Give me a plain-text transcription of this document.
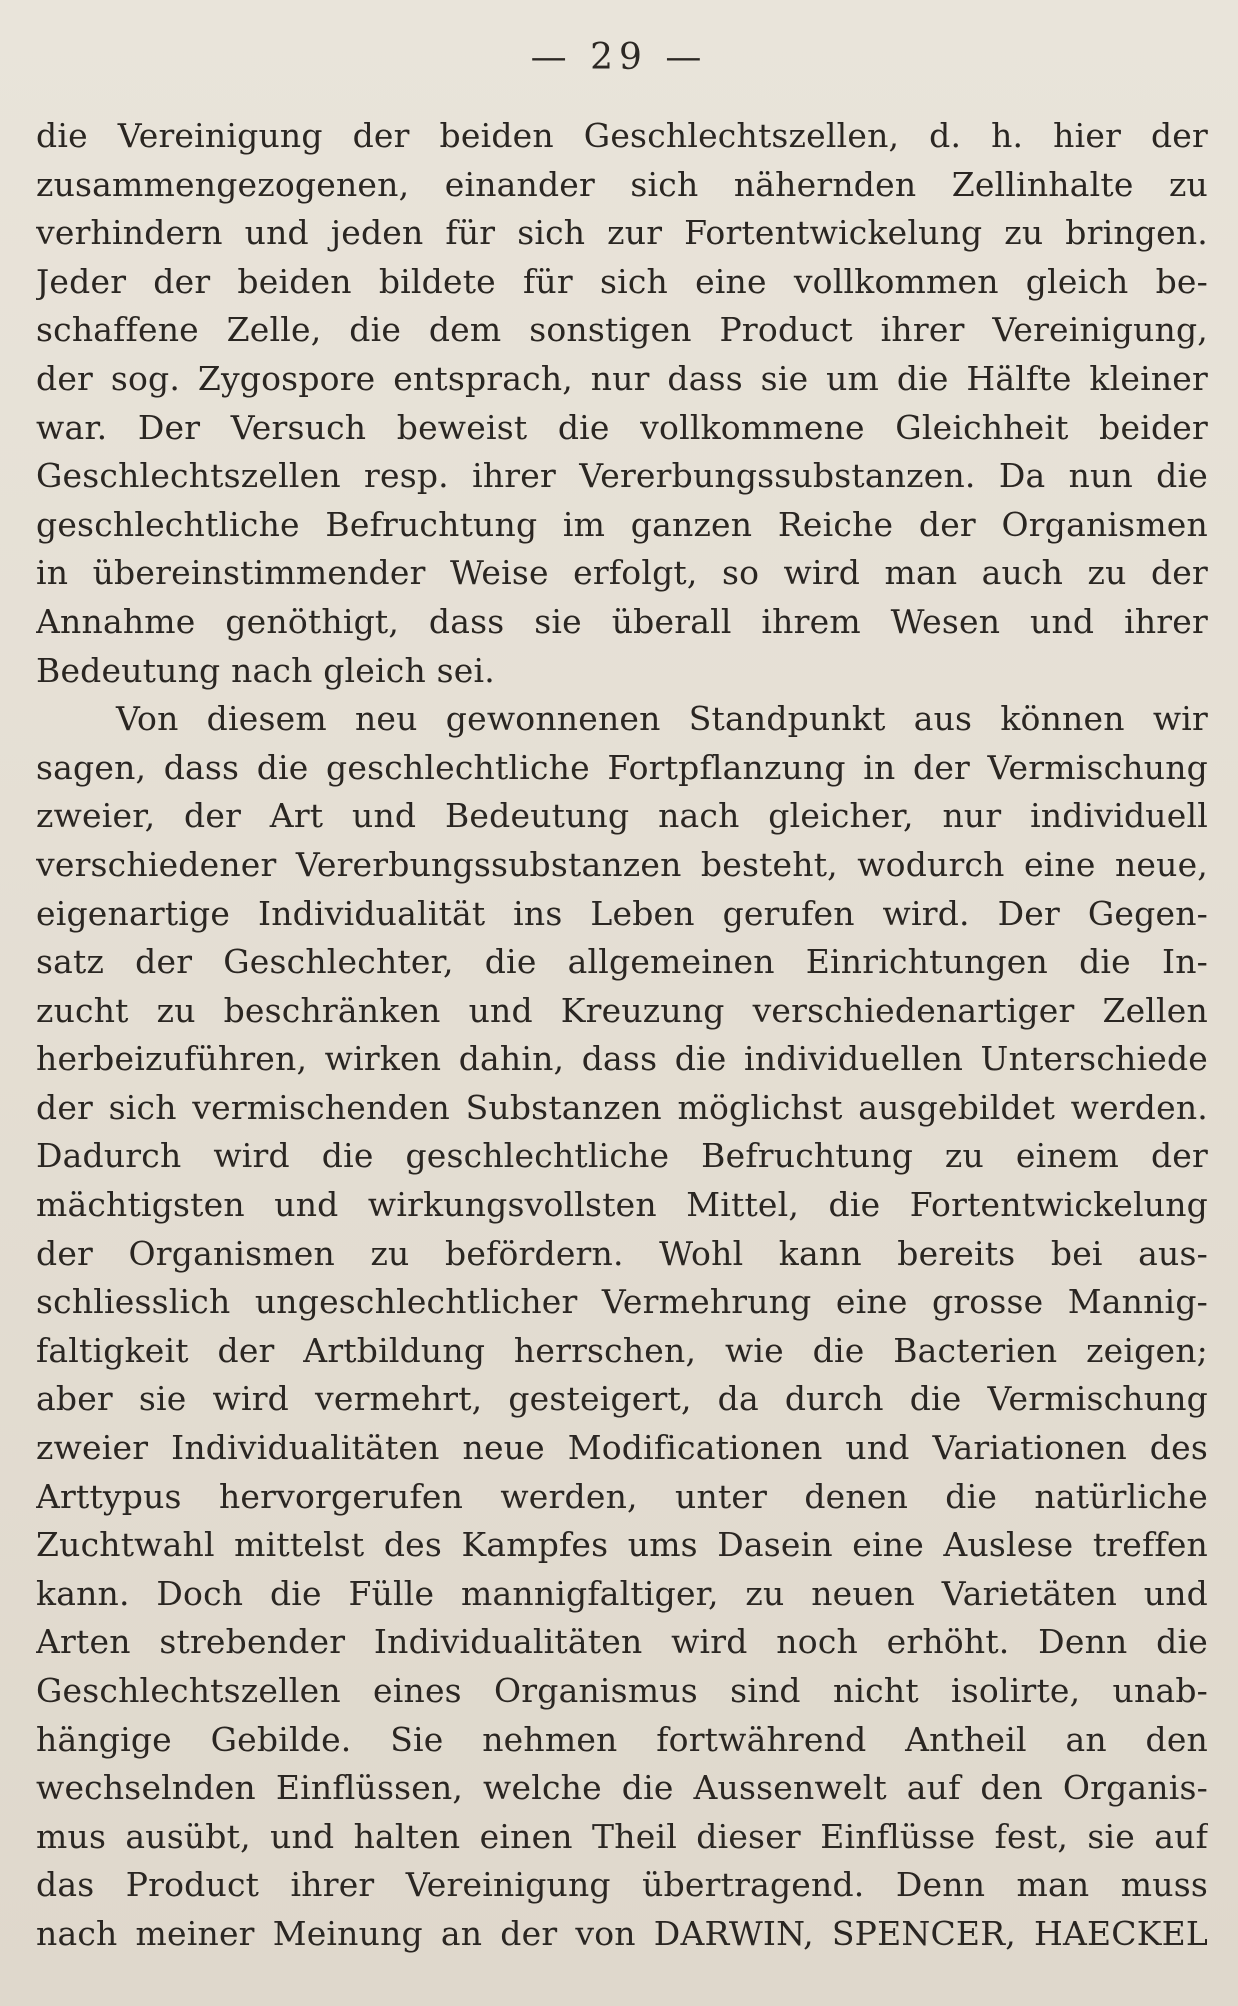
— 29 —
die Vereinigung der beiden Geschlechtszellen, d. h. hier der
zusammengezogenen, einander sich nähernden Zellinhalte zu
verhindern und jeden für sich zur Fortentwickelung zu bringen.
Jeder der beiden bildete für sich eine vollkommen gleich be-
schaffene Zelle, die dem sonstigen Product ihrer Vereinigung,
der sog. Zygospore entsprach, nur dass sie um die Hälfte kleiner
war. Der Versuch beweist die vollkommene Gleichheit beider
Geschlechtszellen resp. ihrer Vererbungssubstanzen. Da nun die
geschlechtliche Befruchtung im ganzen Reiche der Organismen
in übereinstimmender Weise erfolgt, so wird man auch zu der
Annahme genöthigt, dass sie überall ihrem Wesen und ihrer
Bedeutung nach gleich sei.
Von diesem neu gewonnenen Standpunkt aus können wir
sagen, dass die geschlechtliche Fortpflanzung in der Vermischung
zweier, der Art und Bedeutung nach gleicher, nur individuell
verschiedener Vererbungssubstanzen besteht, wodurch eine neue,
eigenartige Individualität ins Leben gerufen wird. Der Gegen-
satz der Geschlechter, die allgemeinen Einrichtungen die In-
zucht zu beschränken und Kreuzung verschiedenartiger Zellen
herbeizuführen, wirken dahin, dass die individuellen Unterschiede
der sich vermischenden Substanzen möglichst ausgebildet werden.
Dadurch wird die geschlechtliche Befruchtung zu einem der
mächtigsten und wirkungsvollsten Mittel, die Fortentwickelung
der Organismen zu befördern. Wohl kann bereits bei aus-
schliesslich ungeschlechtlicher Vermehrung eine grosse Mannig-
faltigkeit der Artbildung herrschen, wie die Bacterien zeigen;
aber sie wird vermehrt, gesteigert, da durch die Vermischung
zweier Individualitäten neue Modificationen und Variationen des
Arttypus hervorgerufen werden, unter denen die natürliche
Zuchtwahl mittelst des Kampfes ums Dasein eine Auslese treffen
kann. Doch die Fülle mannigfaltiger, zu neuen Varietäten und
Arten strebender Individualitäten wird noch erhöht. Denn die
Geschlechtszellen eines Organismus sind nicht isolirte, unab-
hängige Gebilde. Sie nehmen fortwährend Antheil an den
wechselnden Einflüssen, welche die Aussenwelt auf den Organis-
mus ausübt, und halten einen Theil dieser Einflüsse fest, sie auf
das Product ihrer Vereinigung übertragend. Denn man muss
nach meiner Meinung an der von DARWIN, SPENCER, HAECKEL
